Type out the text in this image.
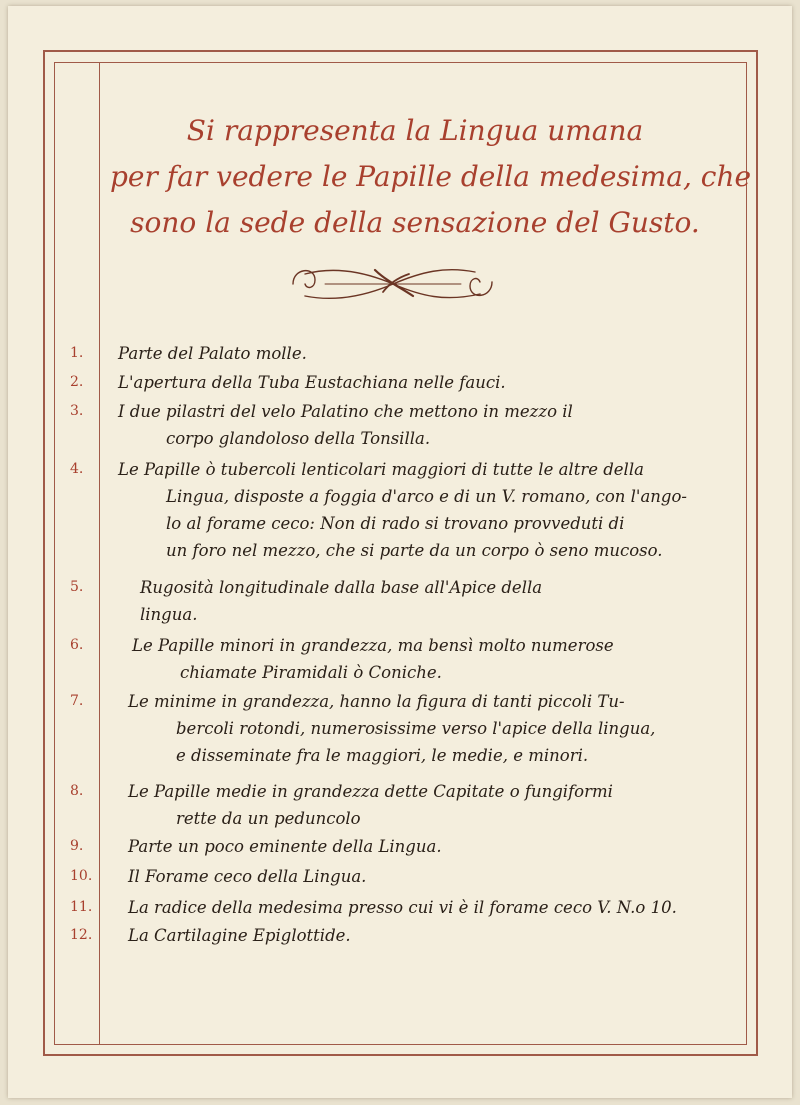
Si rappresenta la Lingua umana
per far vedere le Papille della medesima, che
sono la sede della sensazione del Gusto.
1.	Parte del Palato molle.
2.	L'apertura della Tuba Eustachiana nelle fauci.
3.	I due pilastri del velo Palatino che mettono in mezzo il
corpo glandoloso della Tonsilla.
4.	Le Papille ò tubercoli lenticolari maggiori di tutte le altre della
Lingua, disposte a foggia d'arco e di un V. romano, con l'ango-
lo al forame ceco: Non di rado si trovano provveduti di
un foro nel mezzo, che si parte da un corpo ò seno mucoso.
5.	Rugosità longitudinale dalla base all'Apice della
lingua.
6.	Le Papille minori in grandezza, ma bensì molto numerose
chiamate Piramidali ò Coniche.
7.	Le minime in grandezza, hanno la figura di tanti piccoli Tu-
bercoli rotondi, numerosissime verso l'apice della lingua,
e disseminate fra le maggiori, le medie, e minori.
8.	Le Papille medie in grandezza dette Capitate o fungiformi
rette da un peduncolo
9.	Parte un poco eminente della Lingua.
10.	Il Forame ceco della Lingua.
11.	La radice della medesima presso cui vi è il forame ceco V. N.o 10.
12.	La Cartilagine Epiglottide.
